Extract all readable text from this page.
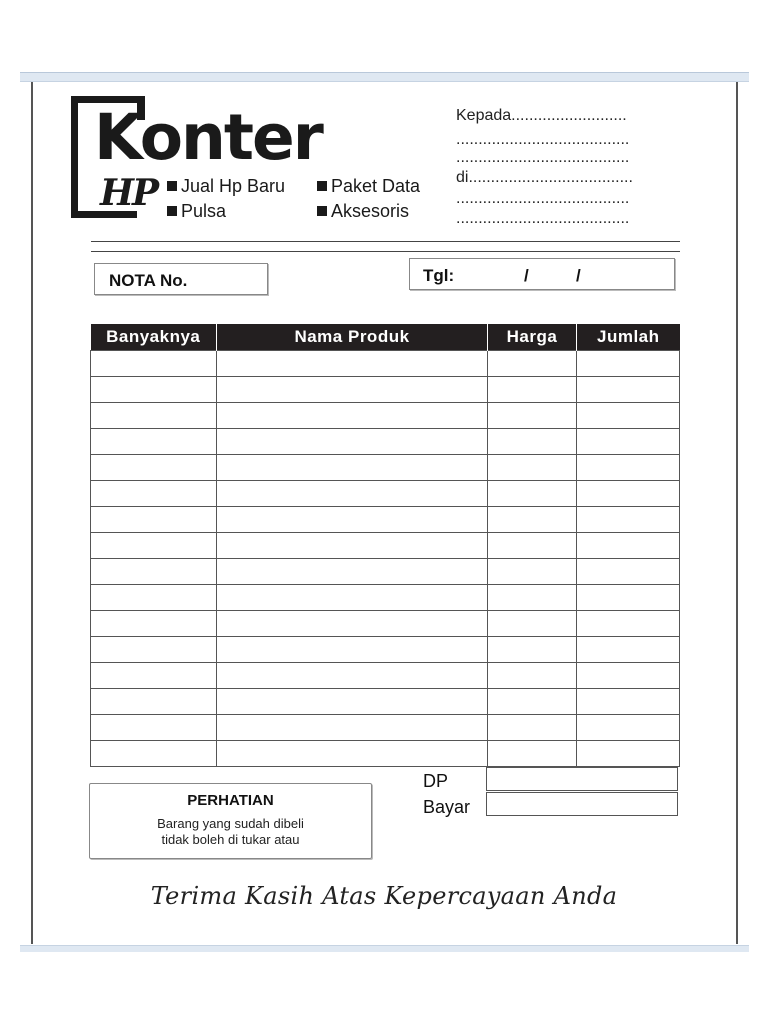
Konter
HP	Jual Hp Baru	Paket Data
Pulsa	Aksesoris
Kepada..........................
.......................................
.......................................
di.....................................
.......................................
.......................................
NOTA No.	Tgl:	/	/
Banyaknya	Nama Produk	Harga	Jumlah

DP
Bayar
PERHATIAN
Barang yang sudah dibeli
tidak boleh di tukar atau
Terima Kasih Atas Kepercayaan Anda
